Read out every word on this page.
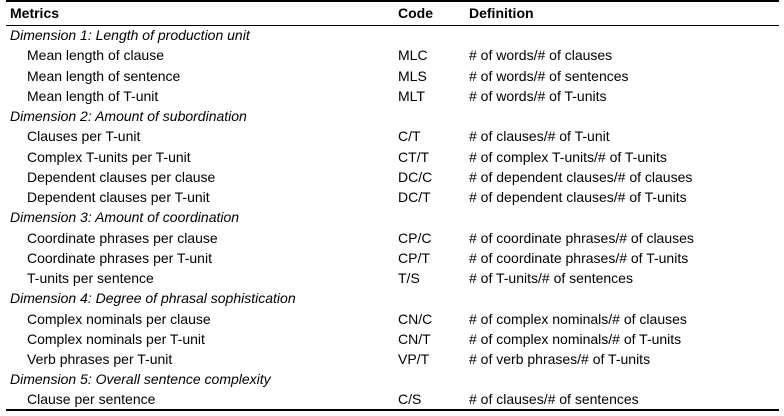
Metrics	Code	Definition
Dimension 1: Length of production unit		
Mean length of clause	MLC	# of words/# of clauses
Mean length of sentence	MLS	# of words/# of sentences
Mean length of T-unit	MLT	# of words/# of T-units
Dimension 2: Amount of subordination		
Clauses per T-unit	C/T	# of clauses/# of T-unit
Complex T-units per T-unit	CT/T	# of complex T-units/# of T-units
Dependent clauses per clause	DC/C	# of dependent clauses/# of clauses
Dependent clauses per T-unit	DC/T	# of dependent clauses/# of T-units
Dimension 3: Amount of coordination		
Coordinate phrases per clause	CP/C	# of coordinate phrases/# of clauses
Coordinate phrases per T-unit	CP/T	# of coordinate phrases/# of T-units
T-units per sentence	T/S	# of T-units/# of sentences
Dimension 4: Degree of phrasal sophistication		
Complex nominals per clause	CN/C	# of complex nominals/# of clauses
Complex nominals per T-unit	CN/T	# of complex nominals/# of T-units
Verb phrases per T-unit	VP/T	# of verb phrases/# of T-units
Dimension 5: Overall sentence complexity		
Clause per sentence	C/S	# of clauses/# of sentences
